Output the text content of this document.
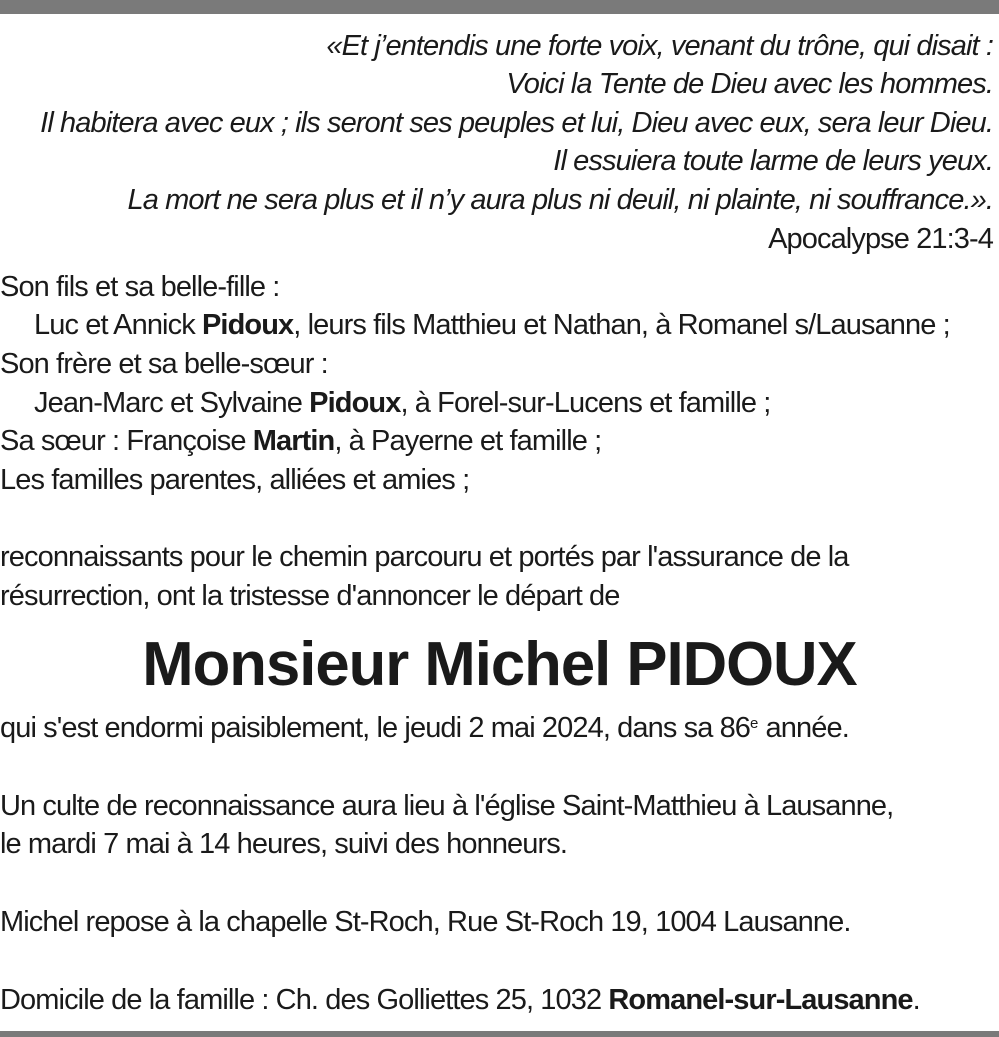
«Et j’entendis une forte voix, venant du trône, qui disait :
Voici la Tente de Dieu avec les hommes.
Il habitera avec eux ; ils seront ses peuples et lui, Dieu avec eux, sera leur Dieu.
Il essuiera toute larme de leurs yeux.
La mort ne sera plus et il n’y aura plus ni deuil, ni plainte, ni souffrance.».
Apocalypse 21:3-4
Son fils et sa belle-fille :
Luc et Annick Pidoux, leurs fils Matthieu et Nathan, à Romanel s/Lausanne ;
Son frère et sa belle-sœur :
Jean-Marc et Sylvaine Pidoux, à Forel-sur-Lucens et famille ;
Sa sœur : Françoise Martin, à Payerne et famille ;
Les familles parentes, alliées et amies ;
reconnaissants pour le chemin parcouru et portés par l'assurance de la
résurrection, ont la tristesse d'annoncer le départ de
Monsieur Michel PIDOUX
qui s'est endormi paisiblement, le jeudi 2 mai 2024, dans sa 86e année.
Un culte de reconnaissance aura lieu à l'église Saint-Matthieu à Lausanne,
le mardi 7 mai à 14 heures, suivi des honneurs.
Michel repose à la chapelle St-Roch, Rue St-Roch 19, 1004 Lausanne.
Domicile de la famille : Ch. des Golliettes 25, 1032 Romanel-sur-Lausanne.
